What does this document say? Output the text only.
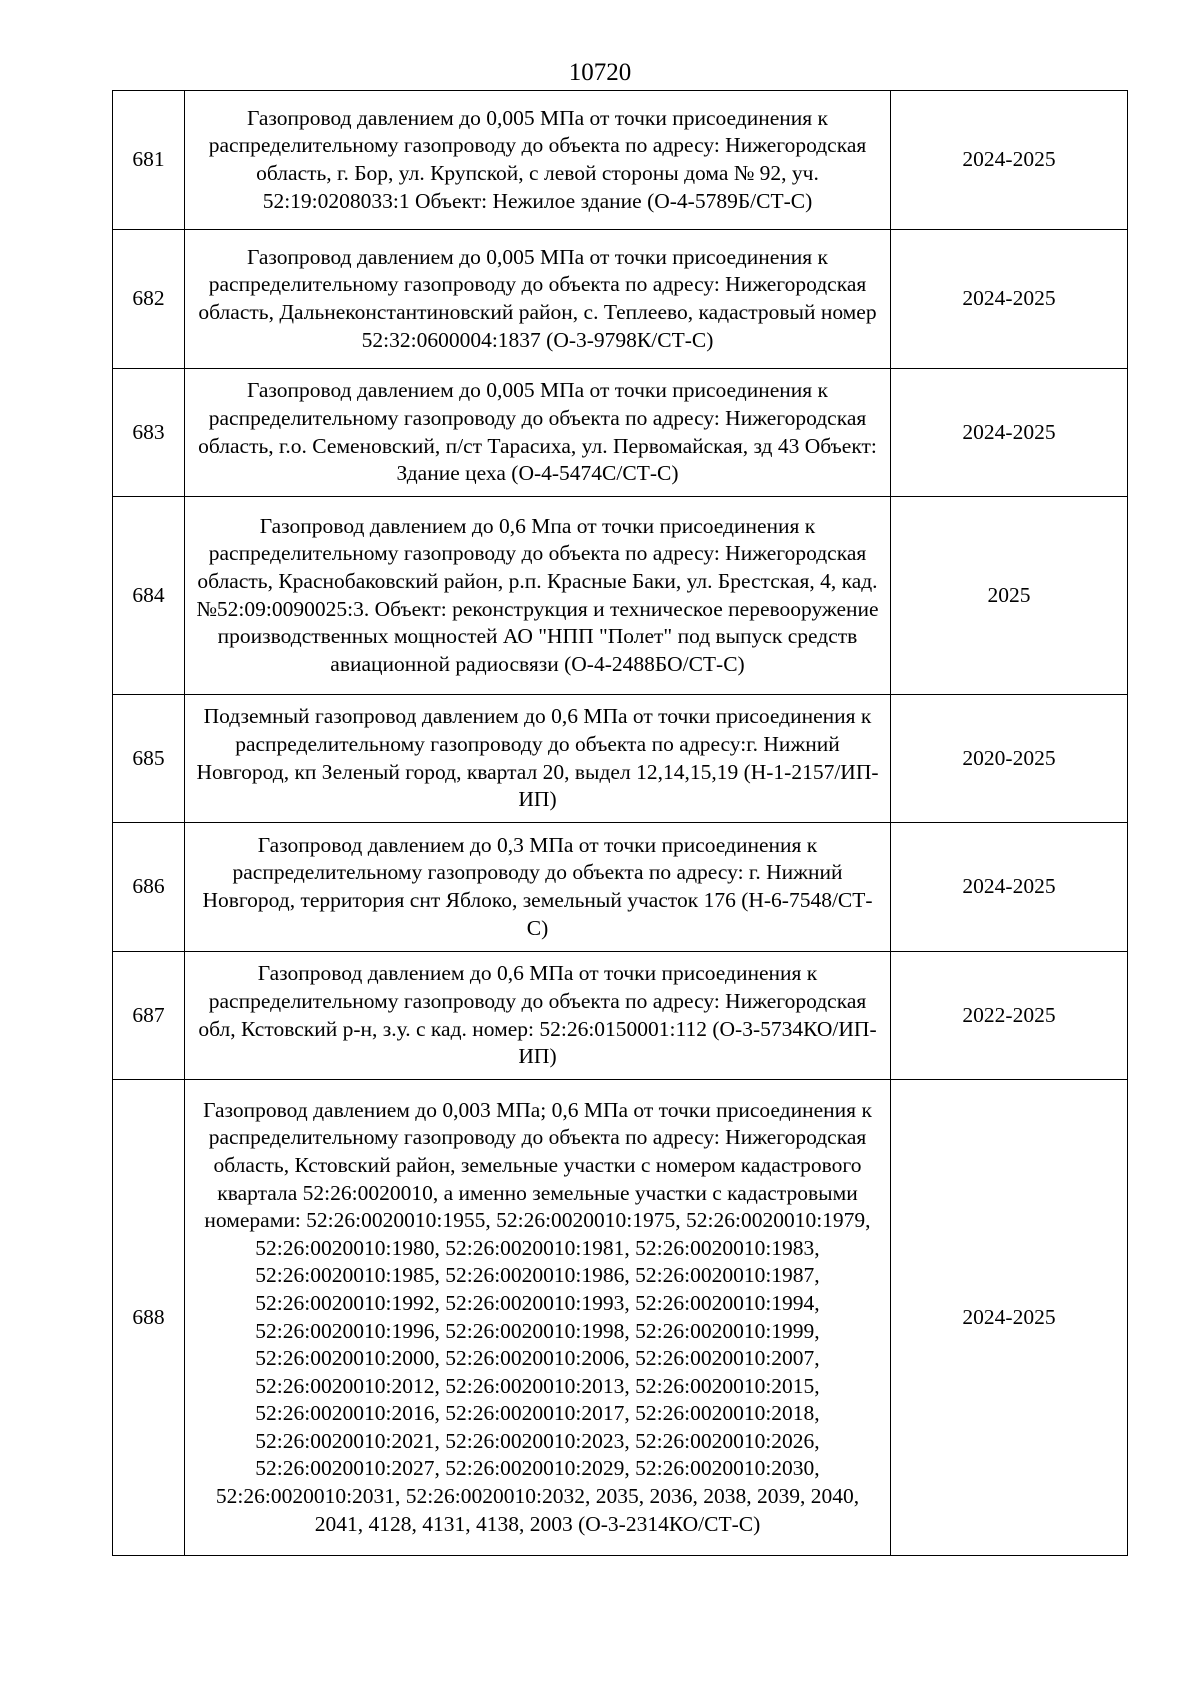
10720
681	Газопровод давлением до 0,005 МПа от точки присоединения к распределительному газопроводу до объекта по адресу: Нижегородская область, г. Бор, ул. Крупской, с левой стороны дома № 92, уч. 52:19:0208033:1 Объект: Нежилое здание (О-4-5789Б/СТ-С)	2024-2025
682	Газопровод давлением до 0,005 МПа от точки присоединения к распределительному газопроводу до объекта по адресу: Нижегородская область, Дальнеконстантиновский район, с. Теплеево, кадастровый номер 52:32:0600004:1837 (О-3-9798К/СТ-С)	2024-2025
683	Газопровод давлением до 0,005 МПа от точки присоединения к распределительному газопроводу до объекта по адресу: Нижегородская область, г.о. Семеновский, п/ст Тарасиха, ул. Первомайская, зд 43 Объект: Здание цеха (О-4-5474С/СТ-С)	2024-2025
684	Газопровод давлением до 0,6 Мпа от точки присоединения к распределительному газопроводу до объекта по адресу: Нижегородская область, Краснобаковский район, р.п. Красные Баки, ул. Брестская, 4, кад.№52:09:0090025:3. Объект: реконструкция и техническое перевооружение производственных мощностей АО "НПП "Полет" под выпуск средств авиационной радиосвязи (О-4-2488БО/СТ-С)	2025
685	Подземный газопровод давлением до 0,6 МПа от точки присоединения к распределительному газопроводу до объекта по адресу:г. Нижний Новгород, кп Зеленый город, квартал 20, выдел 12,14,15,19 (Н-1-2157/ИП-ИП)	2020-2025
686	Газопровод давлением до 0,3 МПа от точки присоединения к распределительному газопроводу до объекта по адресу: г. Нижний Новгород, территория снт Яблоко, земельный участок 176 (Н-6-7548/СТ-С)	2024-2025
687	Газопровод давлением до 0,6 МПа от точки присоединения к распределительному газопроводу до объекта по адресу: Нижегородская обл, Кстовский р-н, з.у. с кад. номер: 52:26:0150001:112 (О-3-5734КО/ИП-ИП)	2022-2025
688	Газопровод давлением до 0,003 МПа; 0,6 МПа от точки присоединения к распределительному газопроводу до объекта по адресу: Нижегородская область, Кстовский район, земельные участки с номером кадастрового квартала 52:26:0020010, а именно земельные участки с кадастровыми номерами: 52:26:0020010:1955, 52:26:0020010:1975, 52:26:0020010:1979, 52:26:0020010:1980, 52:26:0020010:1981, 52:26:0020010:1983, 52:26:0020010:1985, 52:26:0020010:1986, 52:26:0020010:1987, 52:26:0020010:1992, 52:26:0020010:1993, 52:26:0020010:1994, 52:26:0020010:1996, 52:26:0020010:1998, 52:26:0020010:1999, 52:26:0020010:2000, 52:26:0020010:2006, 52:26:0020010:2007, 52:26:0020010:2012, 52:26:0020010:2013, 52:26:0020010:2015, 52:26:0020010:2016, 52:26:0020010:2017, 52:26:0020010:2018, 52:26:0020010:2021, 52:26:0020010:2023, 52:26:0020010:2026, 52:26:0020010:2027, 52:26:0020010:2029, 52:26:0020010:2030, 52:26:0020010:2031, 52:26:0020010:2032, 2035, 2036, 2038, 2039, 2040, 2041, 4128, 4131, 4138, 2003 (О-3-2314КО/СТ-С)	2024-2025
